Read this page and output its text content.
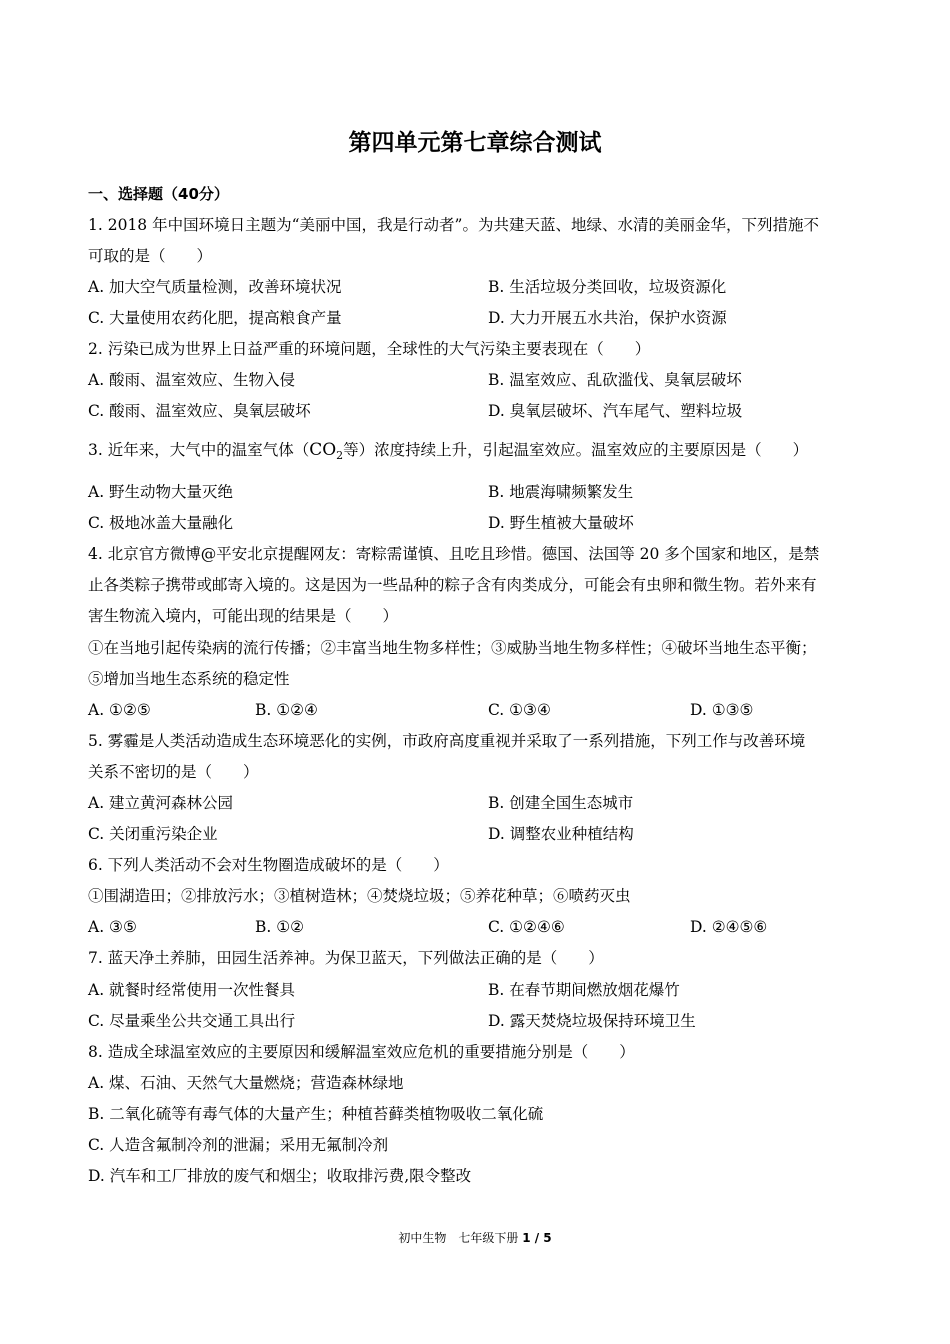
第四单元第七章综合测试
一、选择题（40分）
1. 2018 年中国环境日主题为“美丽中国，我是行动者”。为共建天蓝、地绿、水清的美丽金华，下列措施不
可取的是（　　）
A. 加大空气质量检测，改善环境状况	B. 生活垃圾分类回收，垃圾资源化
C. 大量使用农药化肥，提高粮食产量	D. 大力开展五水共治，保护水资源
2. 污染已成为世界上日益严重的环境问题，全球性的大气污染主要表现在（　　）
A. 酸雨、温室效应、生物入侵	B. 温室效应、乱砍滥伐、臭氧层破坏
C. 酸雨、温室效应、臭氧层破坏	D. 臭氧层破坏、汽车尾气、塑料垃圾
3. 近年来，大气中的温室气体（$CO_2$等）浓度持续上升，引起温室效应。温室效应的主要原因是（　　）
A. 野生动物大量灭绝	B. 地震海啸频繁发生
C. 极地冰盖大量融化	D. 野生植被大量破坏
4. 北京官方微博@平安北京提醒网友：寄粽需谨慎、且吃且珍惜。德国、法国等 20 多个国家和地区，是禁
止各类粽子携带或邮寄入境的。这是因为一些品种的粽子含有肉类成分，可能会有虫卵和微生物。若外来有
害生物流入境内，可能出现的结果是（　　）
①在当地引起传染病的流行传播；②丰富当地生物多样性；③威胁当地生物多样性；④破坏当地生态平衡；
⑤增加当地生态系统的稳定性
A. ①②⑤	B. ①②④	C. ①③④	D. ①③⑤
5. 雾霾是人类活动造成生态环境恶化的实例，市政府高度重视并采取了一系列措施，下列工作与改善环境
关系不密切的是（　　）
A. 建立黄河森林公园	B. 创建全国生态城市
C. 关闭重污染企业	D. 调整农业种植结构
6. 下列人类活动不会对生物圈造成破坏的是（　　）
①围湖造田；②排放污水；③植树造林；④焚烧垃圾；⑤养花种草；⑥喷药灭虫
A. ③⑤	B. ①②	C. ①②④⑥	D. ②④⑤⑥
7. 蓝天净土养肺，田园生活养神。为保卫蓝天，下列做法正确的是（　　）
A. 就餐时经常使用一次性餐具	B. 在春节期间燃放烟花爆竹
C. 尽量乘坐公共交通工具出行	D. 露天焚烧垃圾保持环境卫生
8. 造成全球温室效应的主要原因和缓解温室效应危机的重要措施分别是（　　）
A. 煤、石油、天然气大量燃烧；营造森林绿地
B. 二氧化硫等有毒气体的大量产生；种植苔藓类植物吸收二氧化硫
C. 人造含氟制冷剂的泄漏；采用无氟制冷剂
D. 汽车和工厂排放的废气和烟尘；收取排污费,限令整改
初中生物　七年级下册 1 / 5
